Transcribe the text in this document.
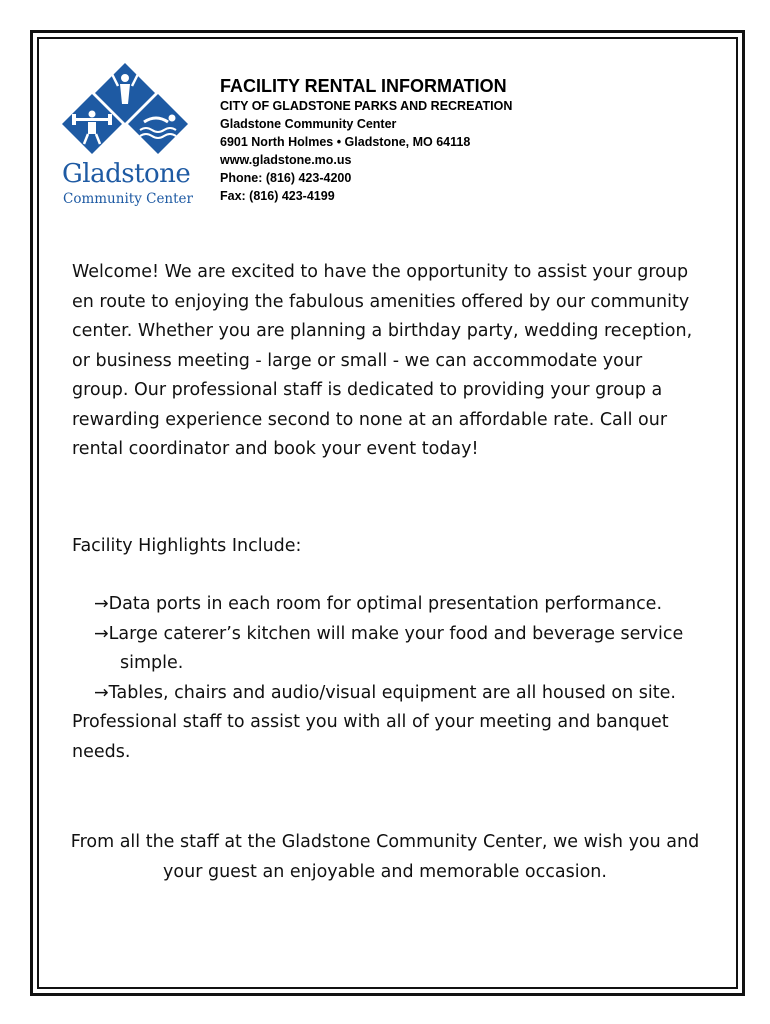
Gladstone
Community Center
FACILITY RENTAL INFORMATION
CITY OF GLADSTONE PARKS AND RECREATION
Gladstone Community Center
6901 North Holmes • Gladstone, MO 64118
www.gladstone.mo.us
Phone: (816) 423-4200
Fax: (816) 423-4199
Welcome! We are excited to have the opportunity to assist your group en route to enjoying the fabulous amenities offered by our community center. Whether you are planning a birthday party, wedding reception, or business meeting - large or small - we can accommodate your group. Our professional staff is dedicated to providing your group a rewarding experience second to none at an affordable rate. Call our rental coordinator and book your event today!
Facility Highlights Include:
→Data ports in each room for optimal presentation performance.
→Large caterer’s kitchen will make your food and beverage service
simple.
→Tables, chairs and audio/visual equipment are all housed on site.
Professional staff to assist you with all of your meeting and banquet needs.
From all the staff at the Gladstone Community Center, we wish you and your guest an enjoyable and memorable occasion.
